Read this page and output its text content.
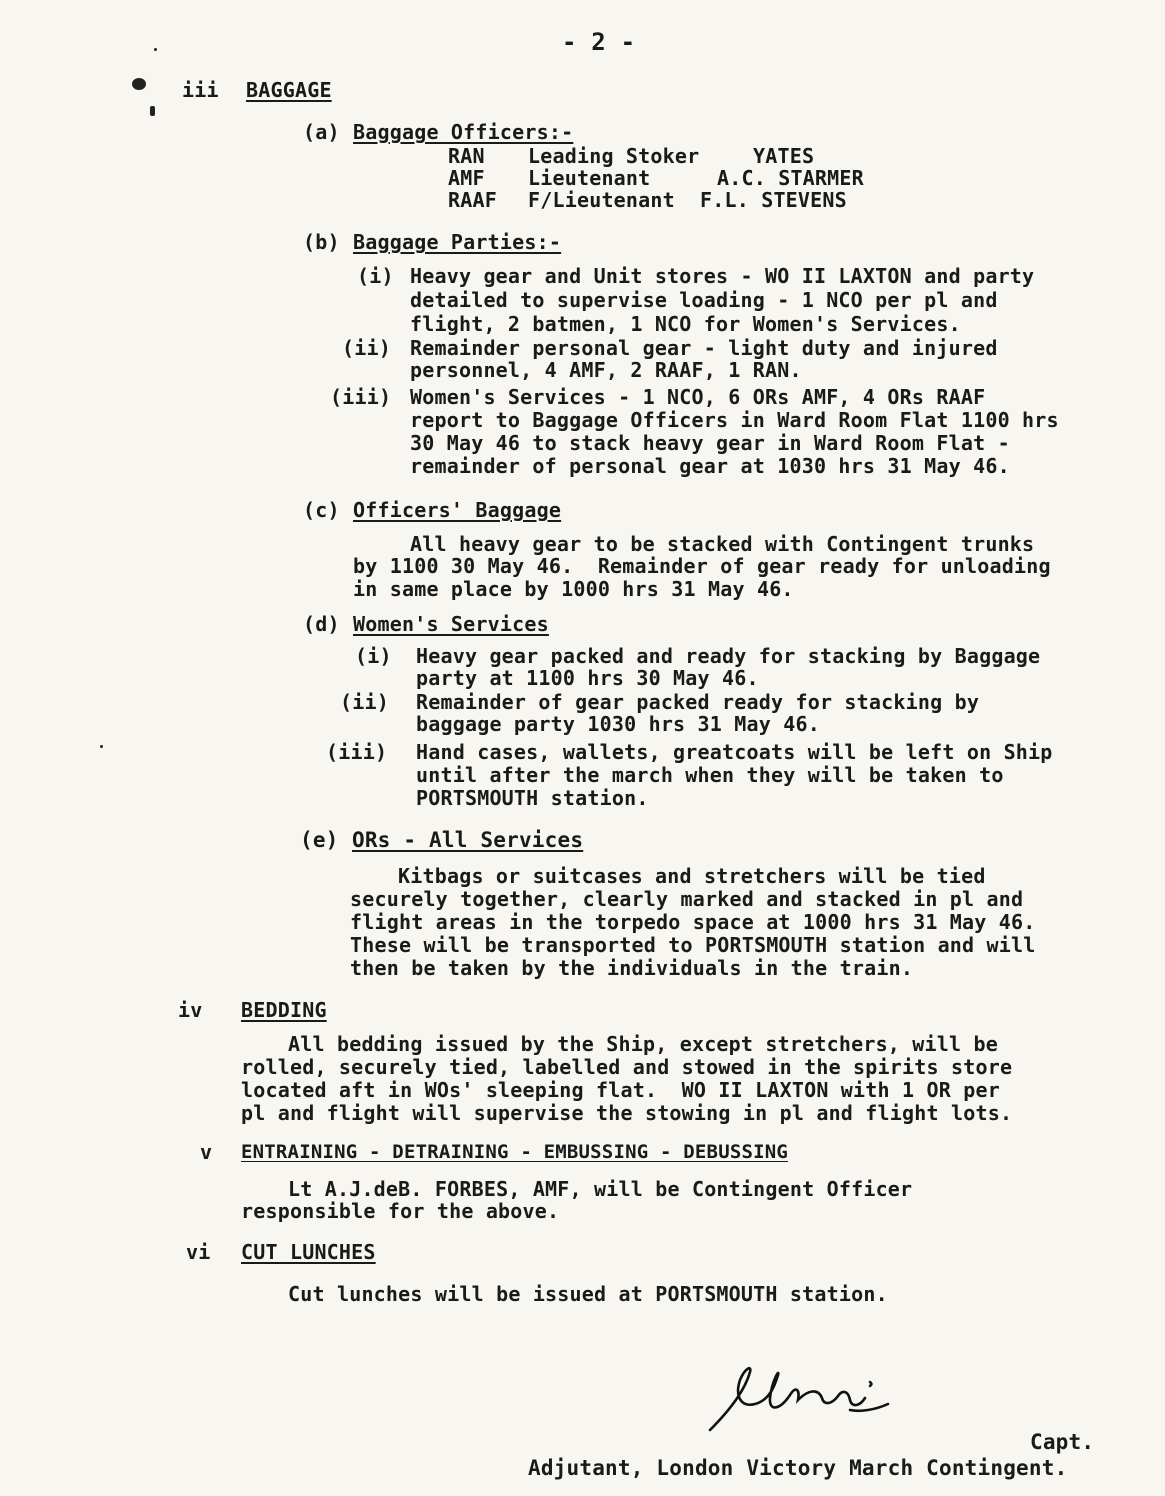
- 2 -
iii BAGGAGE
(a) Baggage Officers:-
RAN Leading Stoker	YATES
AMF Lieutenant	A.C. STARMER
RAAF F/Lieutenant F.L. STEVENS
(b) Baggage Parties:-
(i) Heavy gear and Unit stores - WO II LAXTON and party
detailed to supervise loading - 1 NCO per pl and
flight, 2 batmen, 1 NCO for Women's Services.
(ii) Remainder personal gear - light duty and injured
personnel, 4 AMF, 2 RAAF, 1 RAN.
(iii) Women's Services - 1 NCO, 6 ORs AMF, 4 ORs RAAF
report to Baggage Officers in Ward Room Flat 1100 hrs
30 May 46 to stack heavy gear in Ward Room Flat -
remainder of personal gear at 1030 hrs 31 May 46.
(c) Officers' Baggage
All heavy gear to be stacked with Contingent trunks
by 1100 30 May 46.  Remainder of gear ready for unloading
in same place by 1000 hrs 31 May 46.
(d) Women's Services
(i) Heavy gear packed and ready for stacking by Baggage
party at 1100 hrs 30 May 46.
(ii) Remainder of gear packed ready for stacking by
baggage party 1030 hrs 31 May 46.
(iii) Hand cases, wallets, greatcoats will be left on Ship
until after the march when they will be taken to
PORTSMOUTH station.
(e) ORs - All Services
Kitbags or suitcases and stretchers will be tied
securely together, clearly marked and stacked in pl and
flight areas in the torpedo space at 1000 hrs 31 May 46.
These will be transported to PORTSMOUTH station and will
then be taken by the individuals in the train.
iv BEDDING
All bedding issued by the Ship, except stretchers, will be
rolled, securely tied, labelled and stowed in the spirits store
located aft in WOs' sleeping flat.  WO II LAXTON with 1 OR per
pl and flight will supervise the stowing in pl and flight lots.
v ENTRAINING - DETRAINING - EMBUSSING - DEBUSSING
Lt A.J.deB. FORBES, AMF, will be Contingent Officer
responsible for the above.
vi CUT LUNCHES
Cut lunches will be issued at PORTSMOUTH station.
Capt.
Adjutant, London Victory March Contingent.
